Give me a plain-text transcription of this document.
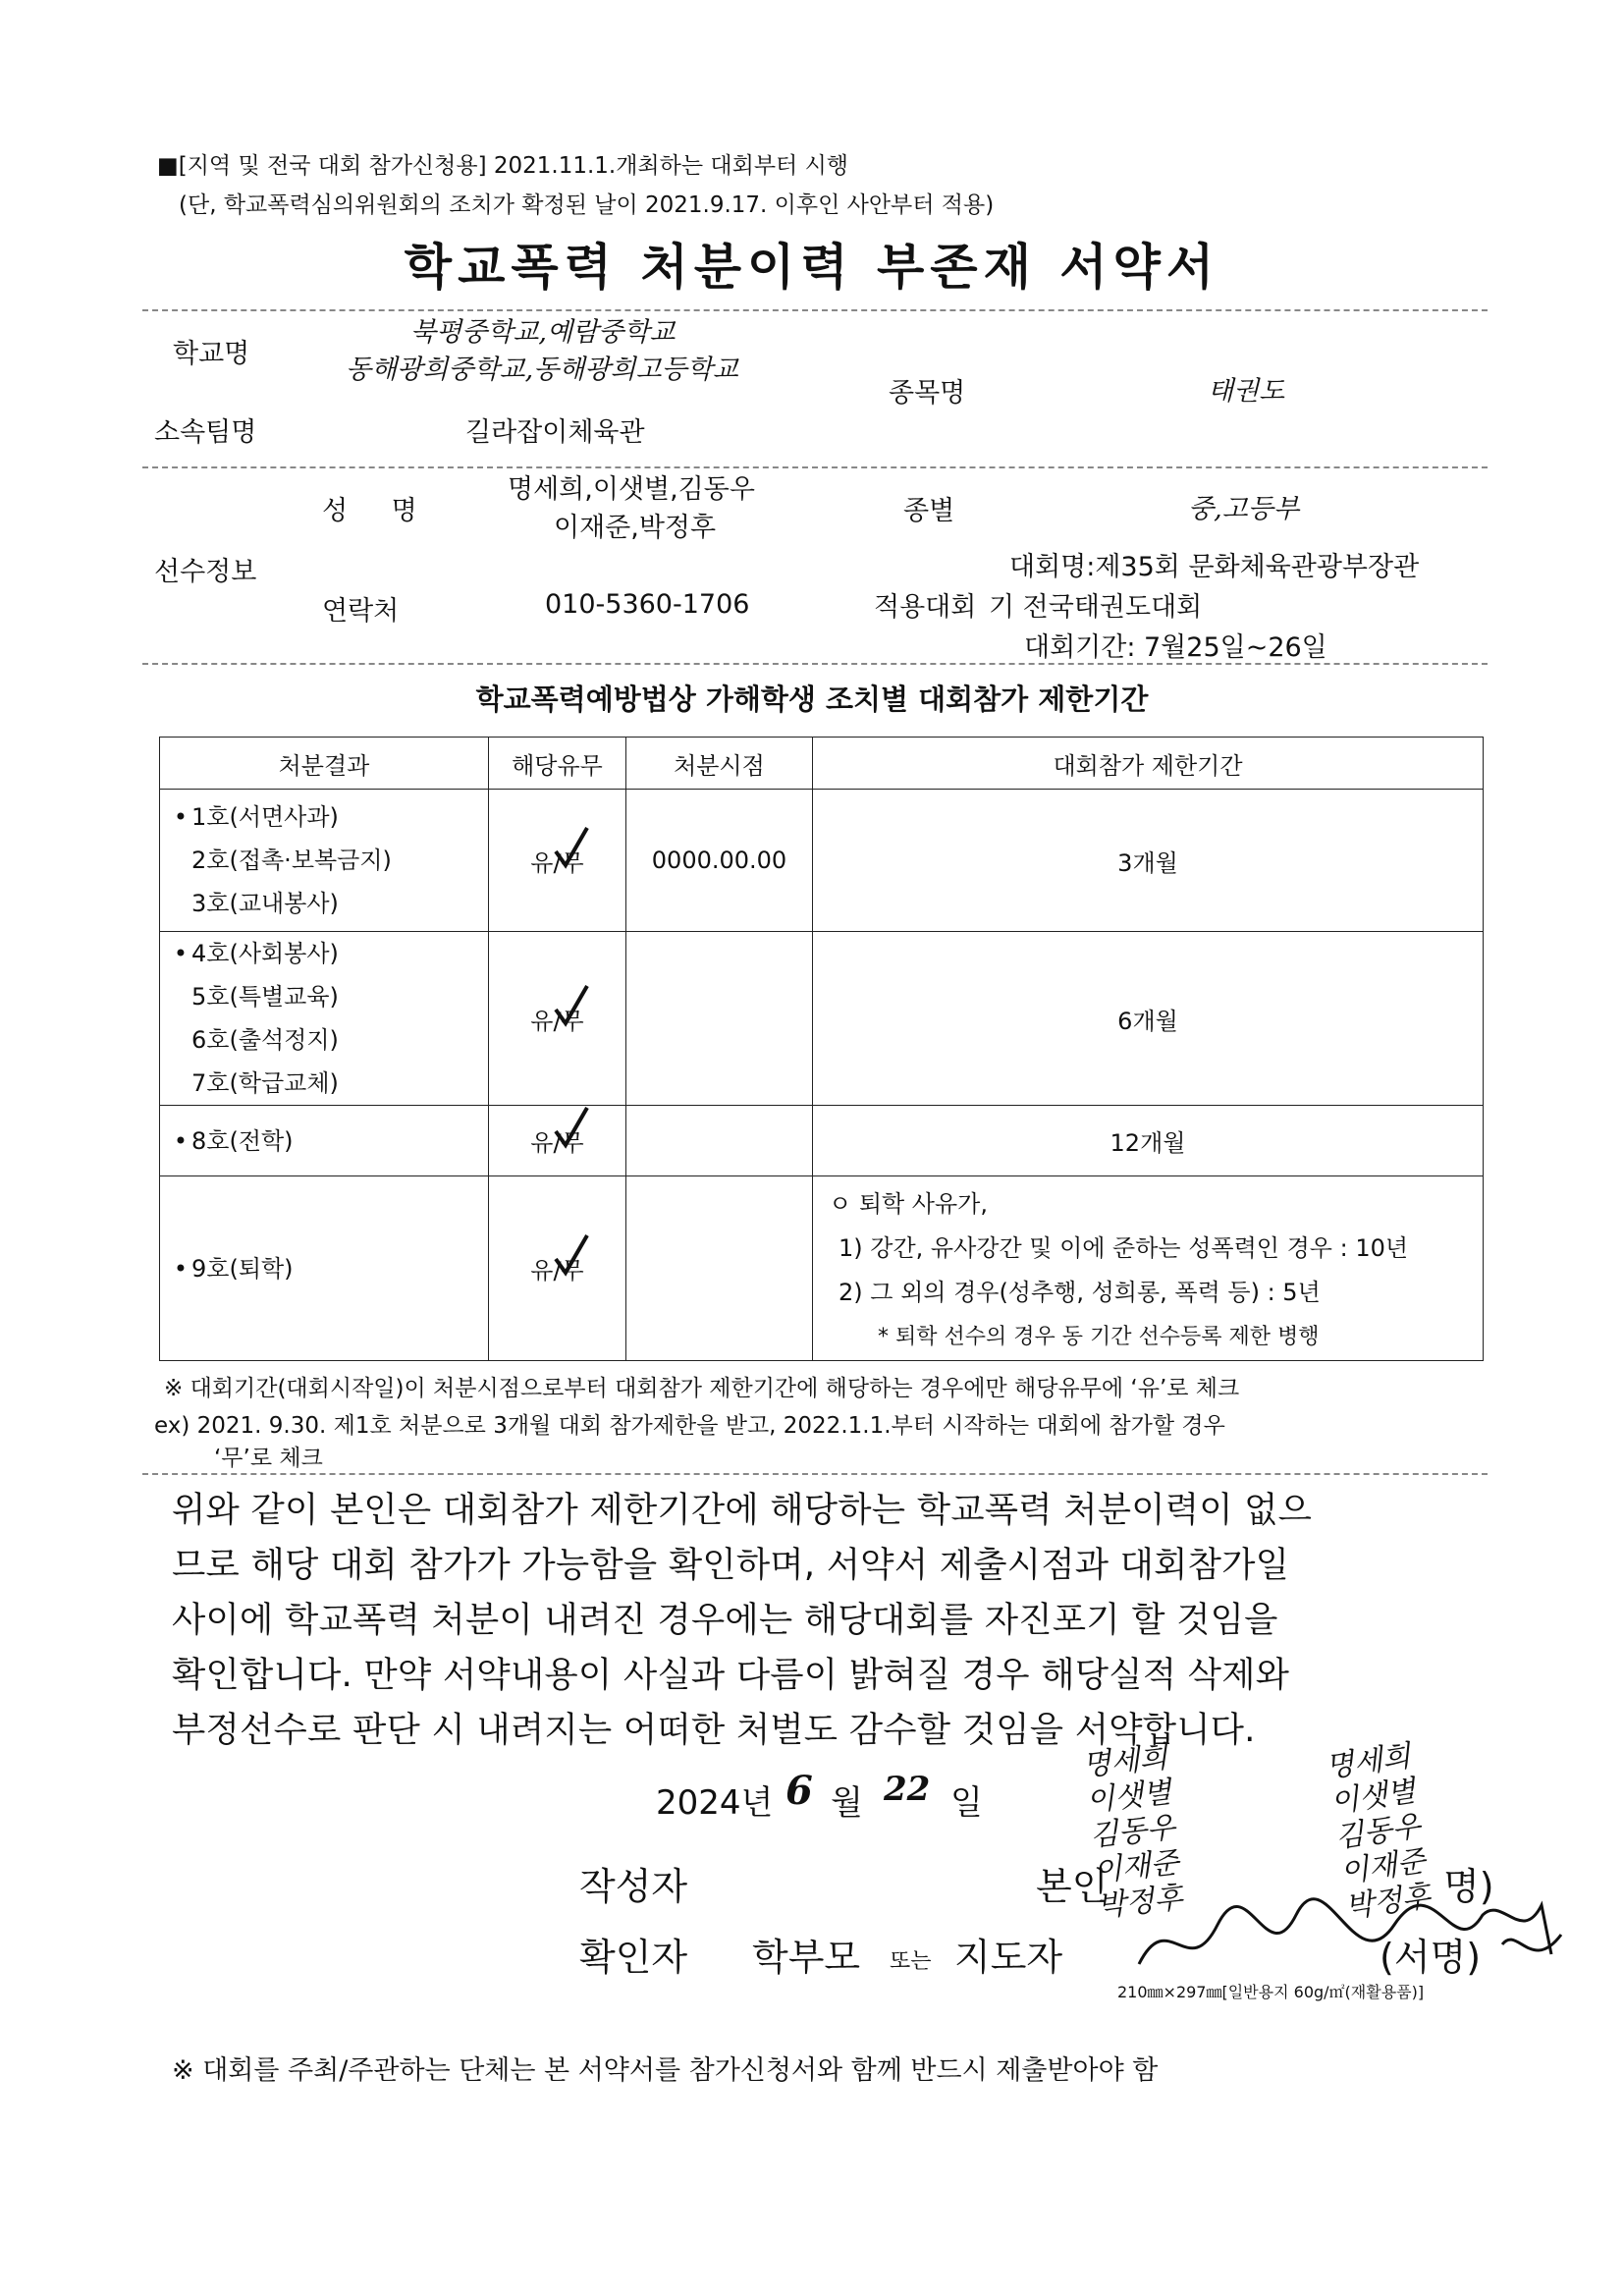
■[지역 및 전국 대회 참가신청용] 2021.11.1.개최하는 대회부터 시행
(단, 학교폭력심의위원회의 조치가 확정된 날이 2021.9.17. 이후인 사안부터 적용)
학교폭력 처분이력 부존재 서약서
학교명
북평중학교,예람중학교
동해광희중학교,동해광희고등학교
종목명	태권도
소속팀명	길라잡이체육관
성 명
명세희,이샛별,김동우
이재준,박정후
종별	중,고등부
선수정보	대회명:제35회 문화체육관광부장관
연락처	010-5360-1706	적용대회 기 전국태권도대회
대회기간: 7월25일~26일
학교폭력예방법상 가해학생 조치별 대회참가 제한기간
처분결과	해당유무	처분시점	대회참가 제한기간

• 1호(서면사과)
2호(접촉·보복금지)
3호(교내봉사)	유/무	0000.00.00	3개월

• 4호(사회봉사)
5호(특별교육)
6호(출석정지)
7호(학급교체)	유/무		6개월

• 8호(전학)	유/무		12개월

• 9호(퇴학)	유/무		ㅇ 퇴학 사유가,
1) 강간, 유사강간 및 이에 준하는 성폭력인 경우 : 10년
2) 그 외의 경우(성추행, 성희롱, 폭력 등) : 5년
* 퇴학 선수의 경우 동 기간 선수등록 제한 병행
※ 대회기간(대회시작일)이 처분시점으로부터 대회참가 제한기간에 해당하는 경우에만 해당유무에 ‘유’로 체크
ex) 2021. 9.30. 제1호 처분으로 3개월 대회 참가제한을 받고, 2022.1.1.부터 시작하는 대회에 참가할 경우
‘무’로 체크
위와 같이 본인은 대회참가 제한기간에 해당하는 학교폭력 처분이력이 없으
므로 해당 대회 참가가 가능함을 확인하며, 서약서 제출시점과 대회참가일
사이에 학교폭력 처분이 내려진 경우에는 해당대회를 자진포기 할 것임을
확인합니다. 만약 서약내용이 사실과 다름이 밝혀질 경우 해당실적 삭제와
부정선수로 판단 시 내려지는 어떠한 처벌도 감수할 것임을 서약합니다.
2024년 6 월 22 일
작성자	본인	명)
확인자 학부모 또는 지도자	(서명)
명세희
이샛별
김동우
이재준
박정후
명세희
이샛별
김동우
이재준
박정후
210㎜×297㎜[일반용지 60g/㎡(재활용품)]
※ 대회를 주최/주관하는 단체는 본 서약서를 참가신청서와 함께 반드시 제출받아야 함
